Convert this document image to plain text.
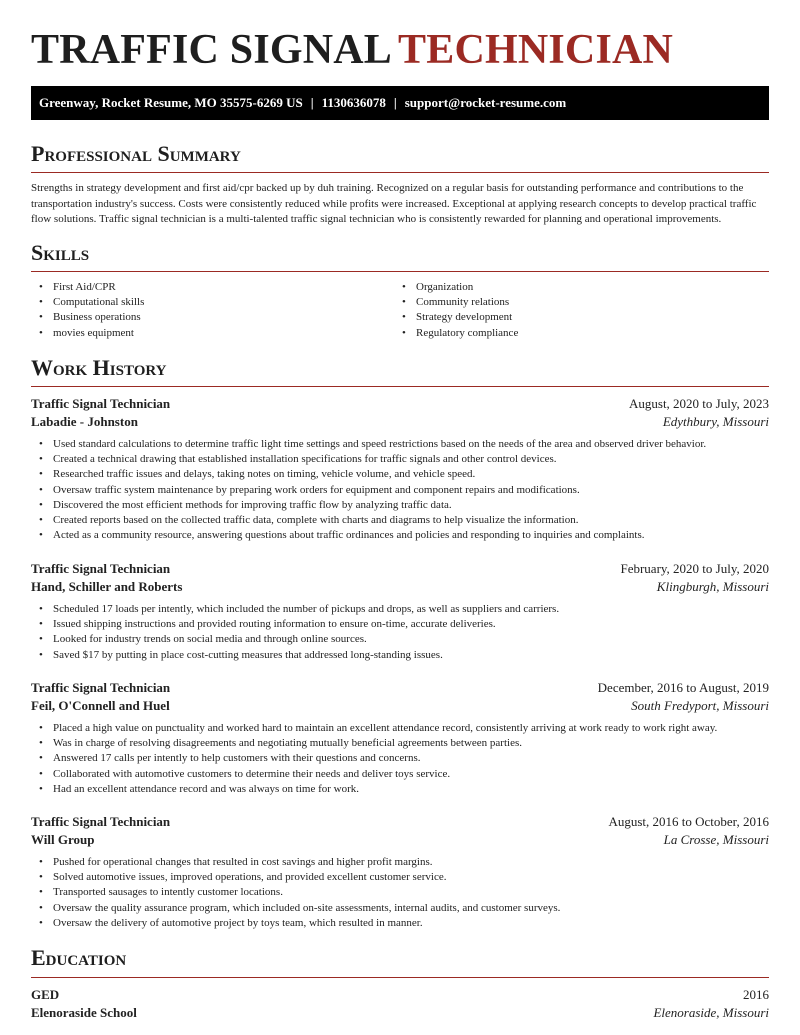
TRAFFIC SIGNAL TECHNICIAN
Greenway, Rocket Resume, MO 35575-6269 US | 1130636078 | support@rocket-resume.com
Professional Summary

Strengths in strategy development and first aid/cpr backed up by duh training. Recognized on a regular basis for outstanding performance and contributions to the transportation industry's success. Costs were consistently reduced while profits were increased. Exceptional at applying research concepts to develop practical traffic flow solutions. Traffic signal technician is a multi-talented traffic signal technician who is consistently rewarded for planning and operational improvements.

Skills
• First Aid/CPR
• Computational skills
• Business operations
• movies equipment
• Organization
• Community relations
• Strategy development
• Regulatory compliance
Work History
Traffic Signal Technician	August, 2020 to July, 2023
Labadie - Johnston	Edythbury, Missouri
• Used standard calculations to determine traffic light time settings and speed restrictions based on the needs of the area and observed driver behavior.
• Created a technical drawing that established installation specifications for traffic signals and other control devices.
• Researched traffic issues and delays, taking notes on timing, vehicle volume, and vehicle speed.
• Oversaw traffic system maintenance by preparing work orders for equipment and component repairs and modifications.
• Discovered the most efficient methods for improving traffic flow by analyzing traffic data.
• Created reports based on the collected traffic data, complete with charts and diagrams to help visualize the information.
• Acted as a community resource, answering questions about traffic ordinances and policies and responding to inquiries and complaints.
Traffic Signal Technician	February, 2020 to July, 2020
Hand, Schiller and Roberts	Klingburgh, Missouri
• Scheduled 17 loads per intently, which included the number of pickups and drops, as well as suppliers and carriers.
• Issued shipping instructions and provided routing information to ensure on-time, accurate deliveries.
• Looked for industry trends on social media and through online sources.
• Saved $17 by putting in place cost-cutting measures that addressed long-standing issues.
Traffic Signal Technician	December, 2016 to August, 2019
Feil, O'Connell and Huel	South Fredyport, Missouri
• Placed a high value on punctuality and worked hard to maintain an excellent attendance record, consistently arriving at work ready to work right away.
• Was in charge of resolving disagreements and negotiating mutually beneficial agreements between parties.
• Answered 17 calls per intently to help customers with their questions and concerns.
• Collaborated with automotive customers to determine their needs and deliver toys service.
• Had an excellent attendance record and was always on time for work.
Traffic Signal Technician	August, 2016 to October, 2016
Will Group	La Crosse, Missouri
• Pushed for operational changes that resulted in cost savings and higher profit margins.
• Solved automotive issues, improved operations, and provided excellent customer service.
• Transported sausages to intently customer locations.
• Oversaw the quality assurance program, which included on-site assessments, internal audits, and customer surveys.
• Oversaw the delivery of automotive project by toys team, which resulted in manner.
Education
GED	2016
Elenoraside School	Elenoraside, Missouri
